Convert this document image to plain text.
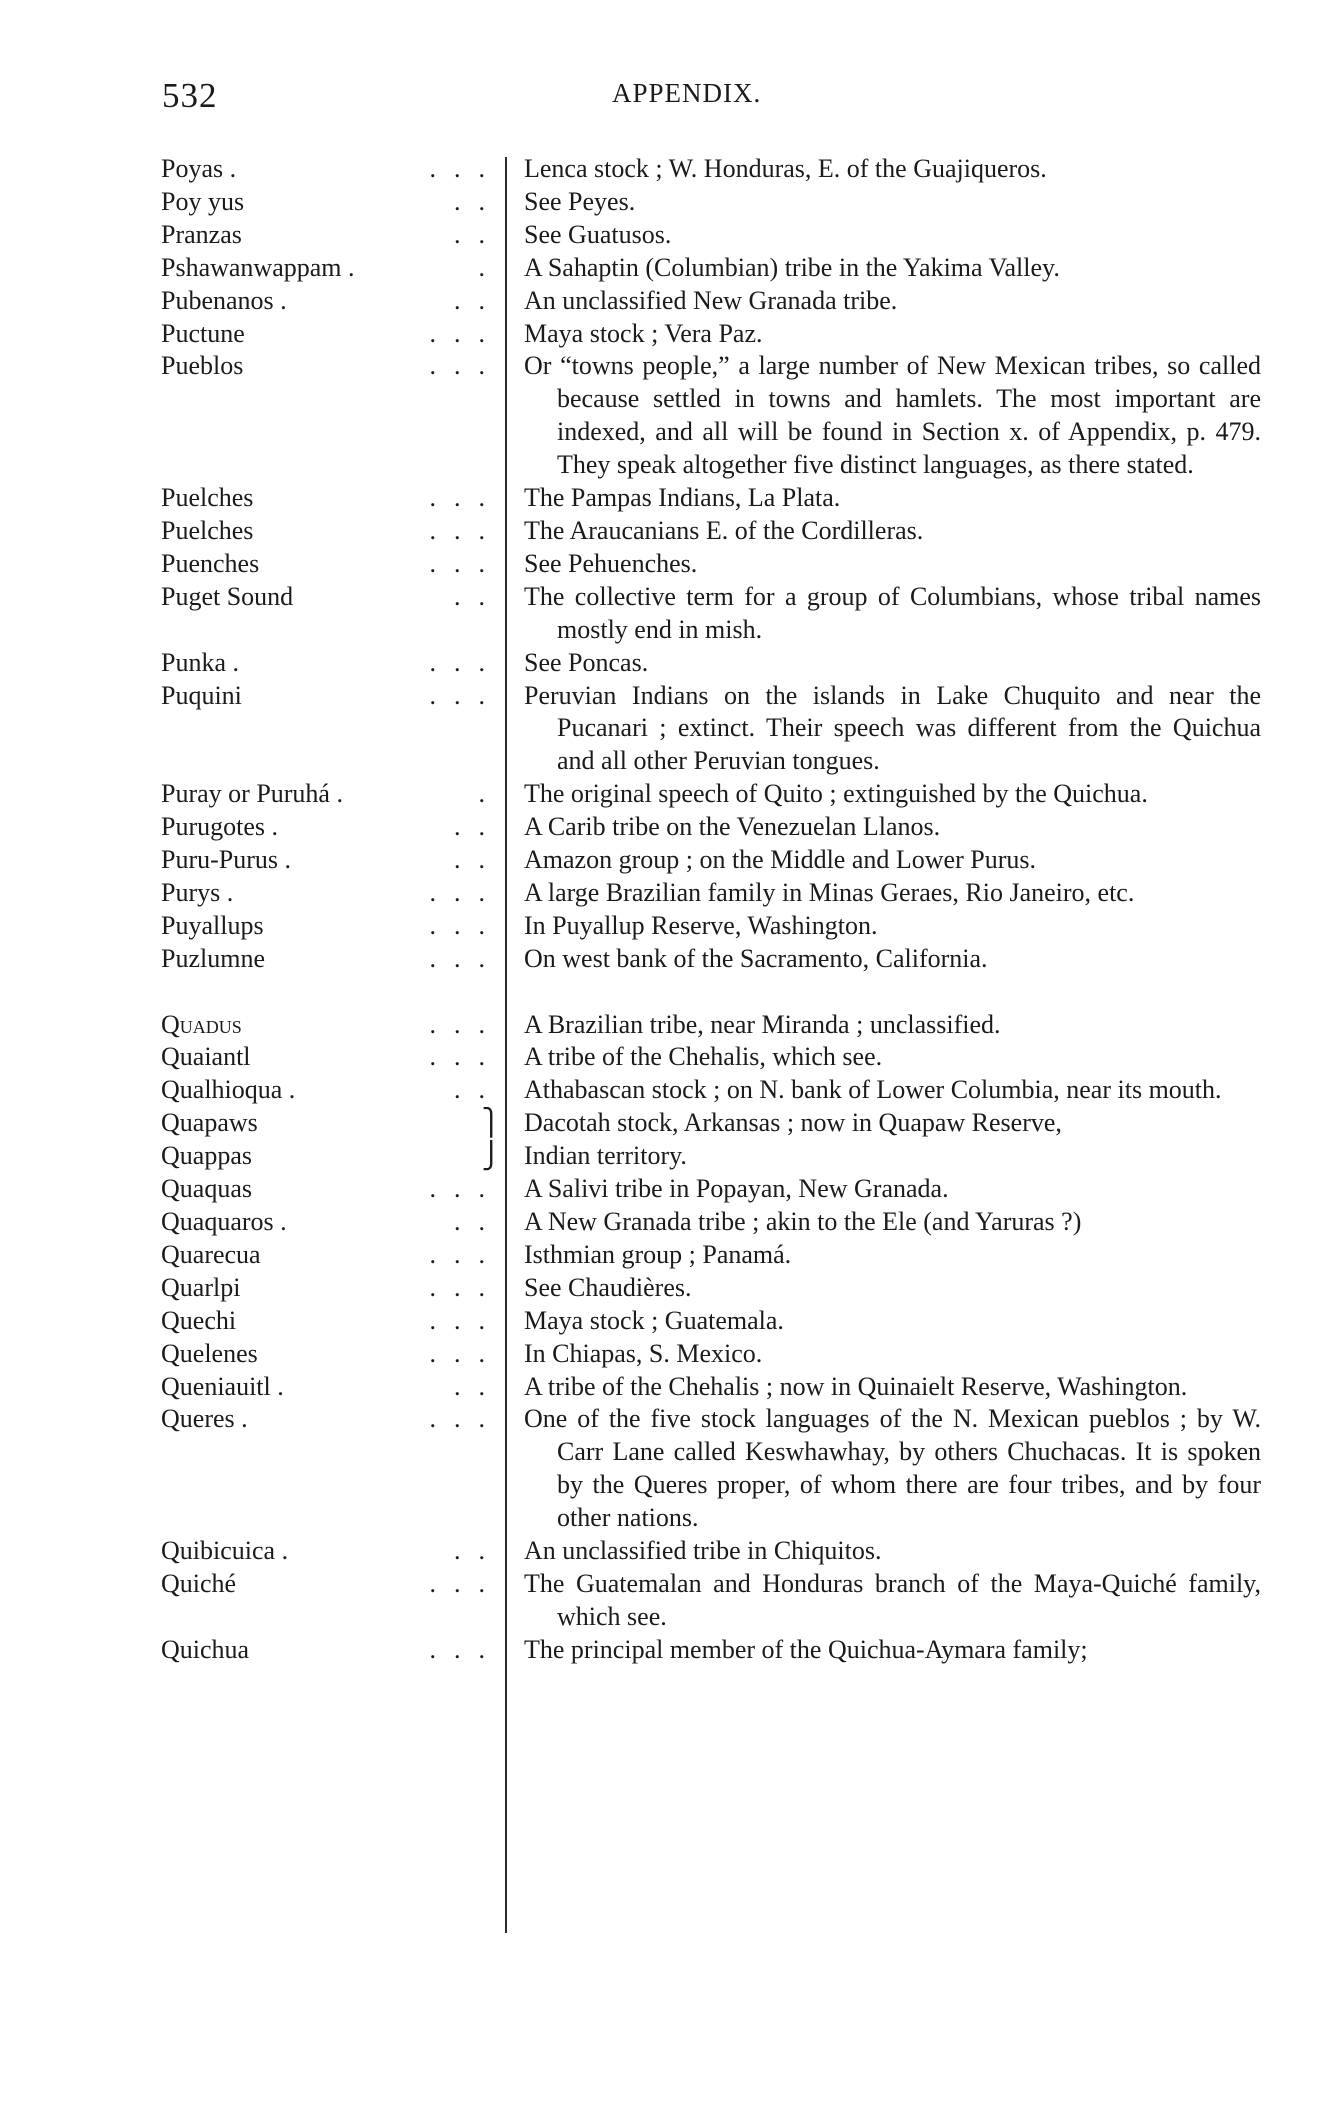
532	APPENDIX.
Poyas .	... Lenca stock ; W. Honduras, E. of the Guajiqueros.
Poy yus	.. See Peyes.
Pranzas	.. See Guatusos.
Pshawanwappam .	. A Sahaptin (Columbian) tribe in the Yakima Valley.
Pubenanos .	.. An unclassified New Granada tribe.
Puctune	... Maya stock ; Vera Paz.
Pueblos	... Or “towns people,” a large number of New Mexican tribes, so called because settled in towns and hamlets. The most important are indexed, and all will be found in Section x. of Appendix, p. 479. They speak altogether five distinct languages, as there stated.
Puelches	... The Pampas Indians, La Plata.
Puelches	... The Araucanians E. of the Cordilleras.
Puenches	... See Pehuenches.
Puget Sound	.. The collective term for a group of Columbians, whose tribal names mostly end in mish.
Punka .	... See Poncas.
Puquini	... Peruvian Indians on the islands in Lake Chuquito and near the Pucanari ; extinct. Their speech was different from the Quichua and all other Peruvian tongues.
Puray or Puruhá .	. The original speech of Quito ; extinguished by the Quichua.
Purugotes .	.. A Carib tribe on the Venezuelan Llanos.
Puru-Purus .	.. Amazon group ; on the Middle and Lower Purus.
Purys .	... A large Brazilian family in Minas Geraes, Rio Janeiro, etc.
Puyallups	... In Puyallup Reserve, Washington.
Puzlumne	... On west bank of the Sacramento, California.
Quadus	... A Brazilian tribe, near Miranda ; unclassified.
Quaiantl	... A tribe of the Chehalis, which see.
Qualhioqua .	.. Athabascan stock ; on N. bank of Lower Columbia, near its mouth.
Quapaws	⎫ Dacotah stock, Arkansas ; now in Quapaw Reserve,
Quappas	⎭ Indian territory.
Quaquas	... A Salivi tribe in Popayan, New Granada.
Quaquaros .	.. A New Granada tribe ; akin to the Ele (and Yaruras ?)
Quarecua	... Isthmian group ; Panamá.
Quarlpi	... See Chaudières.
Quechi	... Maya stock ; Guatemala.
Quelenes	... In Chiapas, S. Mexico.
Queniauitl .	.. A tribe of the Chehalis ; now in Quinaielt Reserve, Washington.
Queres .	... One of the five stock languages of the N. Mexican pueblos ; by W. Carr Lane called Keswhawhay, by others Chuchacas. It is spoken by the Queres proper, of whom there are four tribes, and by four other nations.
Quibicuica .	.. An unclassified tribe in Chiquitos.
Quiché	... The Guatemalan and Honduras branch of the Maya-Quiché family, which see.
Quichua	... The principal member of the Quichua-Aymara family;
